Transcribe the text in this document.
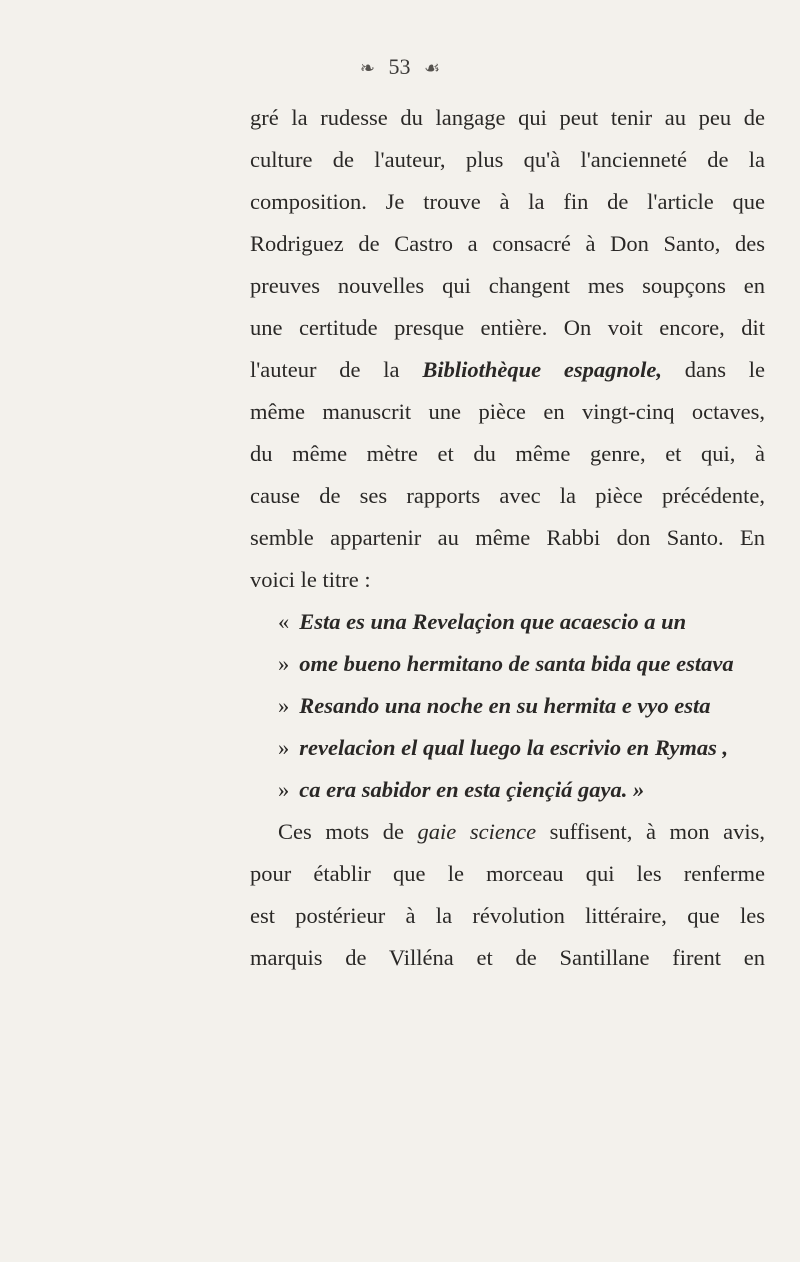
❧ 53 ☙
gré la rudesse du langage qui peut tenir au peu de
culture de l'auteur, plus qu'à l'ancienneté de la
composition. Je trouve à la fin de l'article que
Rodriguez de Castro a consacré à Don Santo, des
preuves nouvelles qui changent mes soupçons en
une certitude presque entière. On voit encore, dit
l'auteur de la Bibliothèque espagnole, dans le
même manuscrit une pièce en vingt-cinq octaves,
du même mètre et du même genre, et qui, à
cause de ses rapports avec la pièce précédente,
semble appartenir au même Rabbi don Santo. En
voici le titre :
« Esta es una Revelaçion que acaescio a un
» ome bueno hermitano de santa bida que estava
» Resando una noche en su hermita e vyo esta
» revelacion el qual luego la escrivio en Rymas ,
» ca era sabidor en esta çiençiá gaya. »
Ces mots de gaie science suffisent, à mon avis,
pour établir que le morceau qui les renferme
est postérieur à la révolution littéraire, que les
marquis de Villéna et de Santillane firent en
